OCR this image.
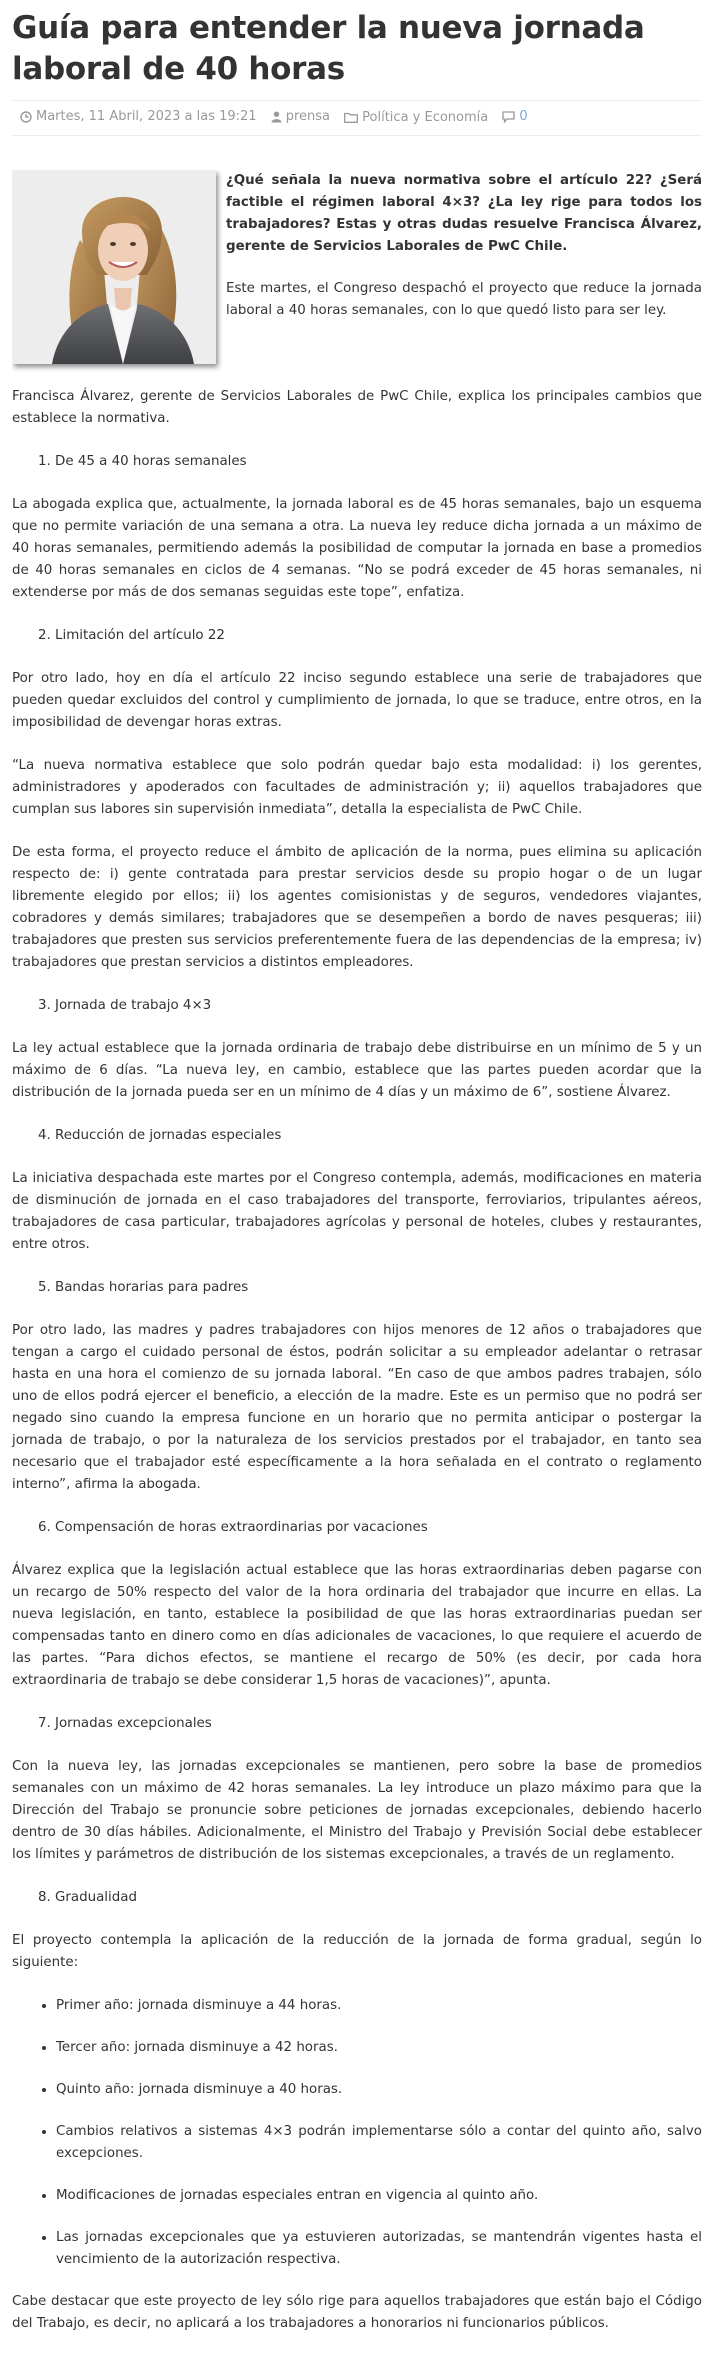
Guía para entender la nueva jornada laboral de 40 horas
Martes, 11 Abril, 2023 a las 19:21
prensa
Política y Economía
0

¿Qué señala la nueva normativa sobre el artículo 22? ¿Será factible el régimen laboral 4×3? ¿La ley rige para todos los trabajadores? Estas y otras dudas resuelve Francisca Álvarez, gerente de Servicios Laborales de PwC Chile.

Este martes, el Congreso despachó el proyecto que reduce la jornada laboral a 40 horas semanales, con lo que quedó listo para ser ley.

Francisca Álvarez, gerente de Servicios Laborales de PwC Chile, explica los principales cambios que establece la normativa.

1. De 45 a 40 horas semanales

La abogada explica que, actualmente, la jornada laboral es de 45 horas semanales, bajo un esquema que no permite variación de una semana a otra. La nueva ley reduce dicha jornada a un máximo de 40 horas semanales, permitiendo además la posibilidad de computar la jornada en base a promedios de 40 horas semanales en ciclos de 4 semanas. “No se podrá exceder de 45 horas semanales, ni extenderse por más de dos semanas seguidas este tope”, enfatiza.

2. Limitación del artículo 22

Por otro lado, hoy en día el artículo 22 inciso segundo establece una serie de trabajadores que pueden quedar excluidos del control y cumplimiento de jornada, lo que se traduce, entre otros, en la imposibilidad de devengar horas extras.

“La nueva normativa establece que solo podrán quedar bajo esta modalidad: i) los gerentes, administradores y apoderados con facultades de administración y; ii) aquellos trabajadores que cumplan sus labores sin supervisión inmediata”, detalla la especialista de PwC Chile.

De esta forma, el proyecto reduce el ámbito de aplicación de la norma, pues elimina su aplicación respecto de: i) gente contratada para prestar servicios desde su propio hogar o de un lugar libremente elegido por ellos; ii) los agentes comisionistas y de seguros, vendedores viajantes, cobradores y demás similares; trabajadores que se desempeñen a bordo de naves pesqueras; iii) trabajadores que presten sus servicios preferentemente fuera de las dependencias de la empresa; iv) trabajadores que prestan servicios a distintos empleadores.

3. Jornada de trabajo 4×3

La ley actual establece que la jornada ordinaria de trabajo debe distribuirse en un mínimo de 5 y un máximo de 6 días. “La nueva ley, en cambio, establece que las partes pueden acordar que la distribución de la jornada pueda ser en un mínimo de 4 días y un máximo de 6”, sostiene Álvarez.

4. Reducción de jornadas especiales

La iniciativa despachada este martes por el Congreso contempla, además, modificaciones en materia de disminución de jornada en el caso trabajadores del transporte, ferroviarios, tripulantes aéreos, trabajadores de casa particular, trabajadores agrícolas y personal de hoteles, clubes y restaurantes, entre otros.

5. Bandas horarias para padres

Por otro lado, las madres y padres trabajadores con hijos menores de 12 años o trabajadores que tengan a cargo el cuidado personal de éstos, podrán solicitar a su empleador adelantar o retrasar hasta en una hora el comienzo de su jornada laboral. “En caso de que ambos padres trabajen, sólo uno de ellos podrá ejercer el beneficio, a elección de la madre. Este es un permiso que no podrá ser negado sino cuando la empresa funcione en un horario que no permita anticipar o postergar la jornada de trabajo, o por la naturaleza de los servicios prestados por el trabajador, en tanto sea necesario que el trabajador esté específicamente a la hora señalada en el contrato o reglamento interno”, afirma la abogada.

6. Compensación de horas extraordinarias por vacaciones

Álvarez explica que la legislación actual establece que las horas extraordinarias deben pagarse con un recargo de 50% respecto del valor de la hora ordinaria del trabajador que incurre en ellas. La nueva legislación, en tanto, establece la posibilidad de que las horas extraordinarias puedan ser compensadas tanto en dinero como en días adicionales de vacaciones, lo que requiere el acuerdo de las partes. “Para dichos efectos, se mantiene el recargo de 50% (es decir, por cada hora extraordinaria de trabajo se debe considerar 1,5 horas de vacaciones)”, apunta.

7. Jornadas excepcionales

Con la nueva ley, las jornadas excepcionales se mantienen, pero sobre la base de promedios semanales con un máximo de 42 horas semanales. La ley introduce un plazo máximo para que la Dirección del Trabajo se pronuncie sobre peticiones de jornadas excepcionales, debiendo hacerlo dentro de 30 días hábiles. Adicionalmente, el Ministro del Trabajo y Previsión Social debe establecer los límites y parámetros de distribución de los sistemas excepcionales, a través de un reglamento.

8. Gradualidad

El proyecto contempla la aplicación de la reducción de la jornada de forma gradual, según lo siguiente:

• Primer año: jornada disminuye a 44 horas.
• Tercer año: jornada disminuye a 42 horas.
• Quinto año: jornada disminuye a 40 horas.
• Cambios relativos a sistemas 4×3 podrán implementarse sólo a contar del quinto año, salvo excepciones.
• Modificaciones de jornadas especiales entran en vigencia al quinto año.
• Las jornadas excepcionales que ya estuvieren autorizadas, se mantendrán vigentes hasta el vencimiento de la autorización respectiva.

Cabe destacar que este proyecto de ley sólo rige para aquellos trabajadores que están bajo el Código del Trabajo, es decir, no aplicará a los trabajadores a honorarios ni funcionarios públicos.
